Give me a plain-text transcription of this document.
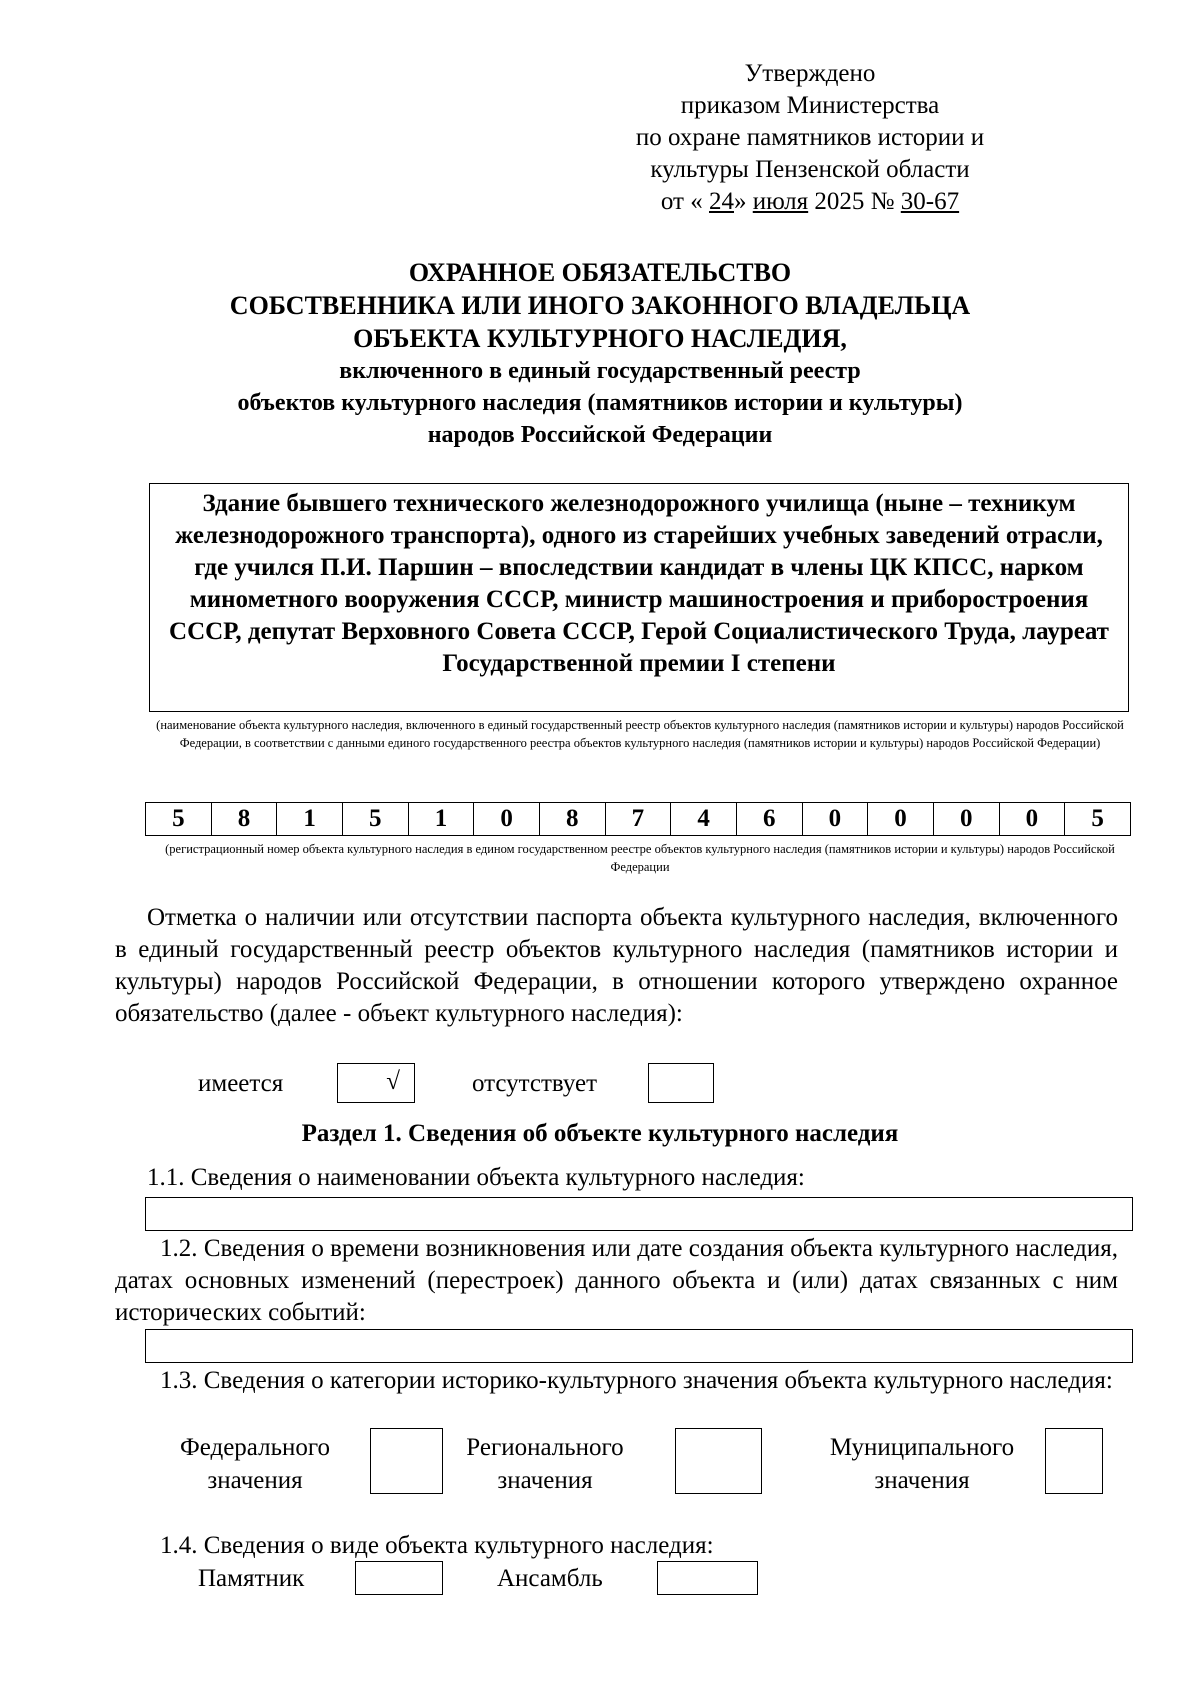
Утверждено
приказом Министерства
по охране памятников истории и
культуры Пензенской области
от « 24» июля 2025 № 30-67
ОХРАННОЕ ОБЯЗАТЕЛЬСТВО
СОБСТВЕННИКА ИЛИ ИНОГО ЗАКОННОГО ВЛАДЕЛЬЦА
ОБЪЕКТА КУЛЬТУРНОГО НАСЛЕДИЯ,
включенного в единый государственный реестр
объектов культурного наследия (памятников истории и культуры)
народов Российской Федерации
Здание бывшего технического железнодорожного училища (ныне – техникум железнодорожного транспорта), одного из старейших учебных заведений отрасли, где учился П.И. Паршин – впоследствии кандидат в члены ЦК КПСС, нарком минометного вооружения СССР, министр машиностроения и приборостроения СССР, депутат Верховного Совета СССР, Герой Социалистического Труда, лауреат Государственной премии I степени
(наименование объекта культурного наследия, включенного в единый государственный реестр объектов культурного наследия (памятников истории и культуры) народов Российской Федерации, в соответствии с данными единого государственного реестра объектов культурного наследия (памятников истории и культуры) народов Российской Федерации)
5	8	1	5	1	0	8	7	4	6	0	0	0	0	5
(регистрационный номер объекта культурного наследия в едином государственном реестре объектов культурного наследия (памятников истории и культуры) народов Российской Федерации
Отметка о наличии или отсутствии паспорта объекта культурного наследия, включенного в единый государственный реестр объектов культурного наследия (памятников истории и культуры) народов Российской Федерации, в отношении которого утверждено охранное обязательство (далее - объект культурного наследия):
имеется	√	отсутствует
Раздел 1. Сведения об объекте культурного наследия
1.1. Сведения о наименовании объекта культурного наследия:
1.2. Сведения о времени возникновения или дате создания объекта культурного наследия, датах основных изменений (перестроек) данного объекта и (или) датах связанных с ним исторических событий:
1.3. Сведения о категории историко-культурного значения объекта культурного наследия:
Федерального
значения
Регионального
значения
Муниципального
значения
1.4. Сведения о виде объекта культурного наследия:
Памятник	Ансамбль
